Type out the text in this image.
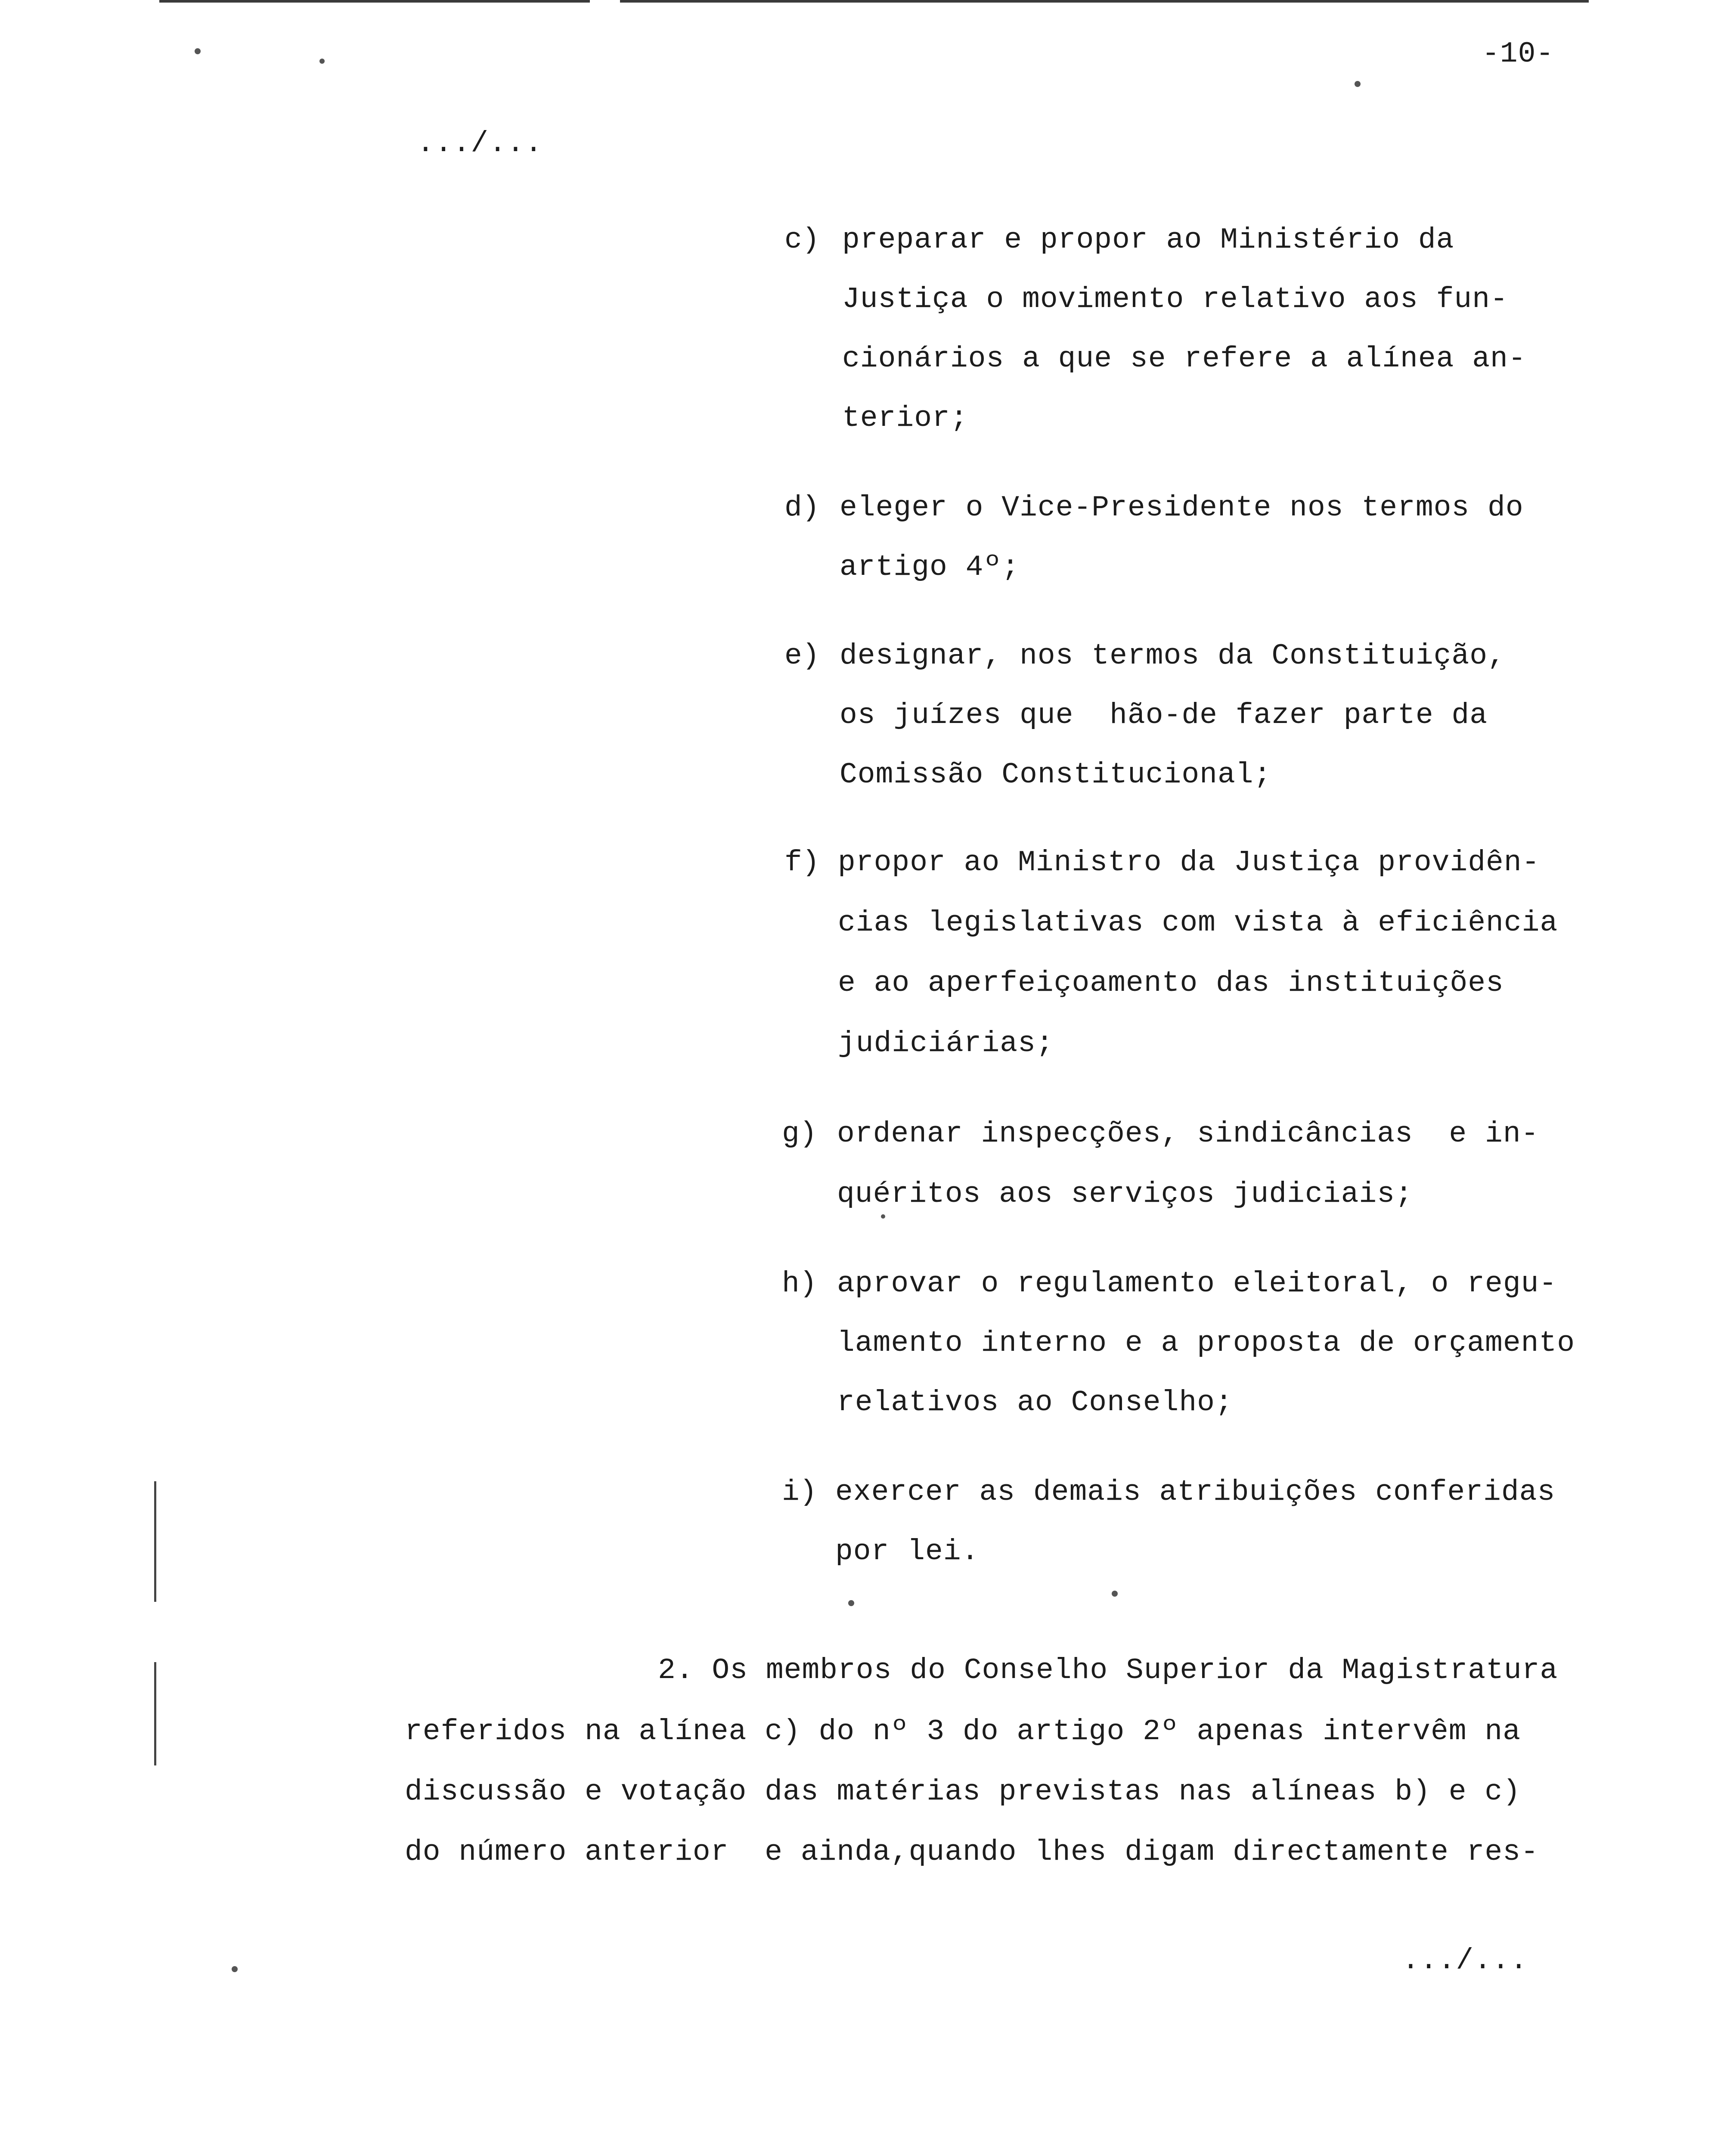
-10-
.../...
c) preparar e propor ao Ministério da
Justiça o movimento relativo aos fun-
cionários a que se refere a alínea an-
terior;
d) eleger o Vice-Presidente nos termos do
artigo 4º;
e) designar, nos termos da Constituição,
os juízes que  hão-de fazer parte da
Comissão Constitucional;
f) propor ao Ministro da Justiça providên-
cias legislativas com vista à eficiência
e ao aperfeiçoamento das instituições
judiciárias;
g) ordenar inspecções, sindicâncias  e in-
quéritos aos serviços judiciais;
h) aprovar o regulamento eleitoral, o regu-
lamento interno e a proposta de orçamento
relativos ao Conselho;
i) exercer as demais atribuições conferidas
por lei.
2. Os membros do Conselho Superior da Magistratura
referidos na alínea c) do nº 3 do artigo 2º apenas intervêm na
discussão e votação das matérias previstas nas alíneas b) e c)
do número anterior  e ainda,quando lhes digam directamente res-
.../...
